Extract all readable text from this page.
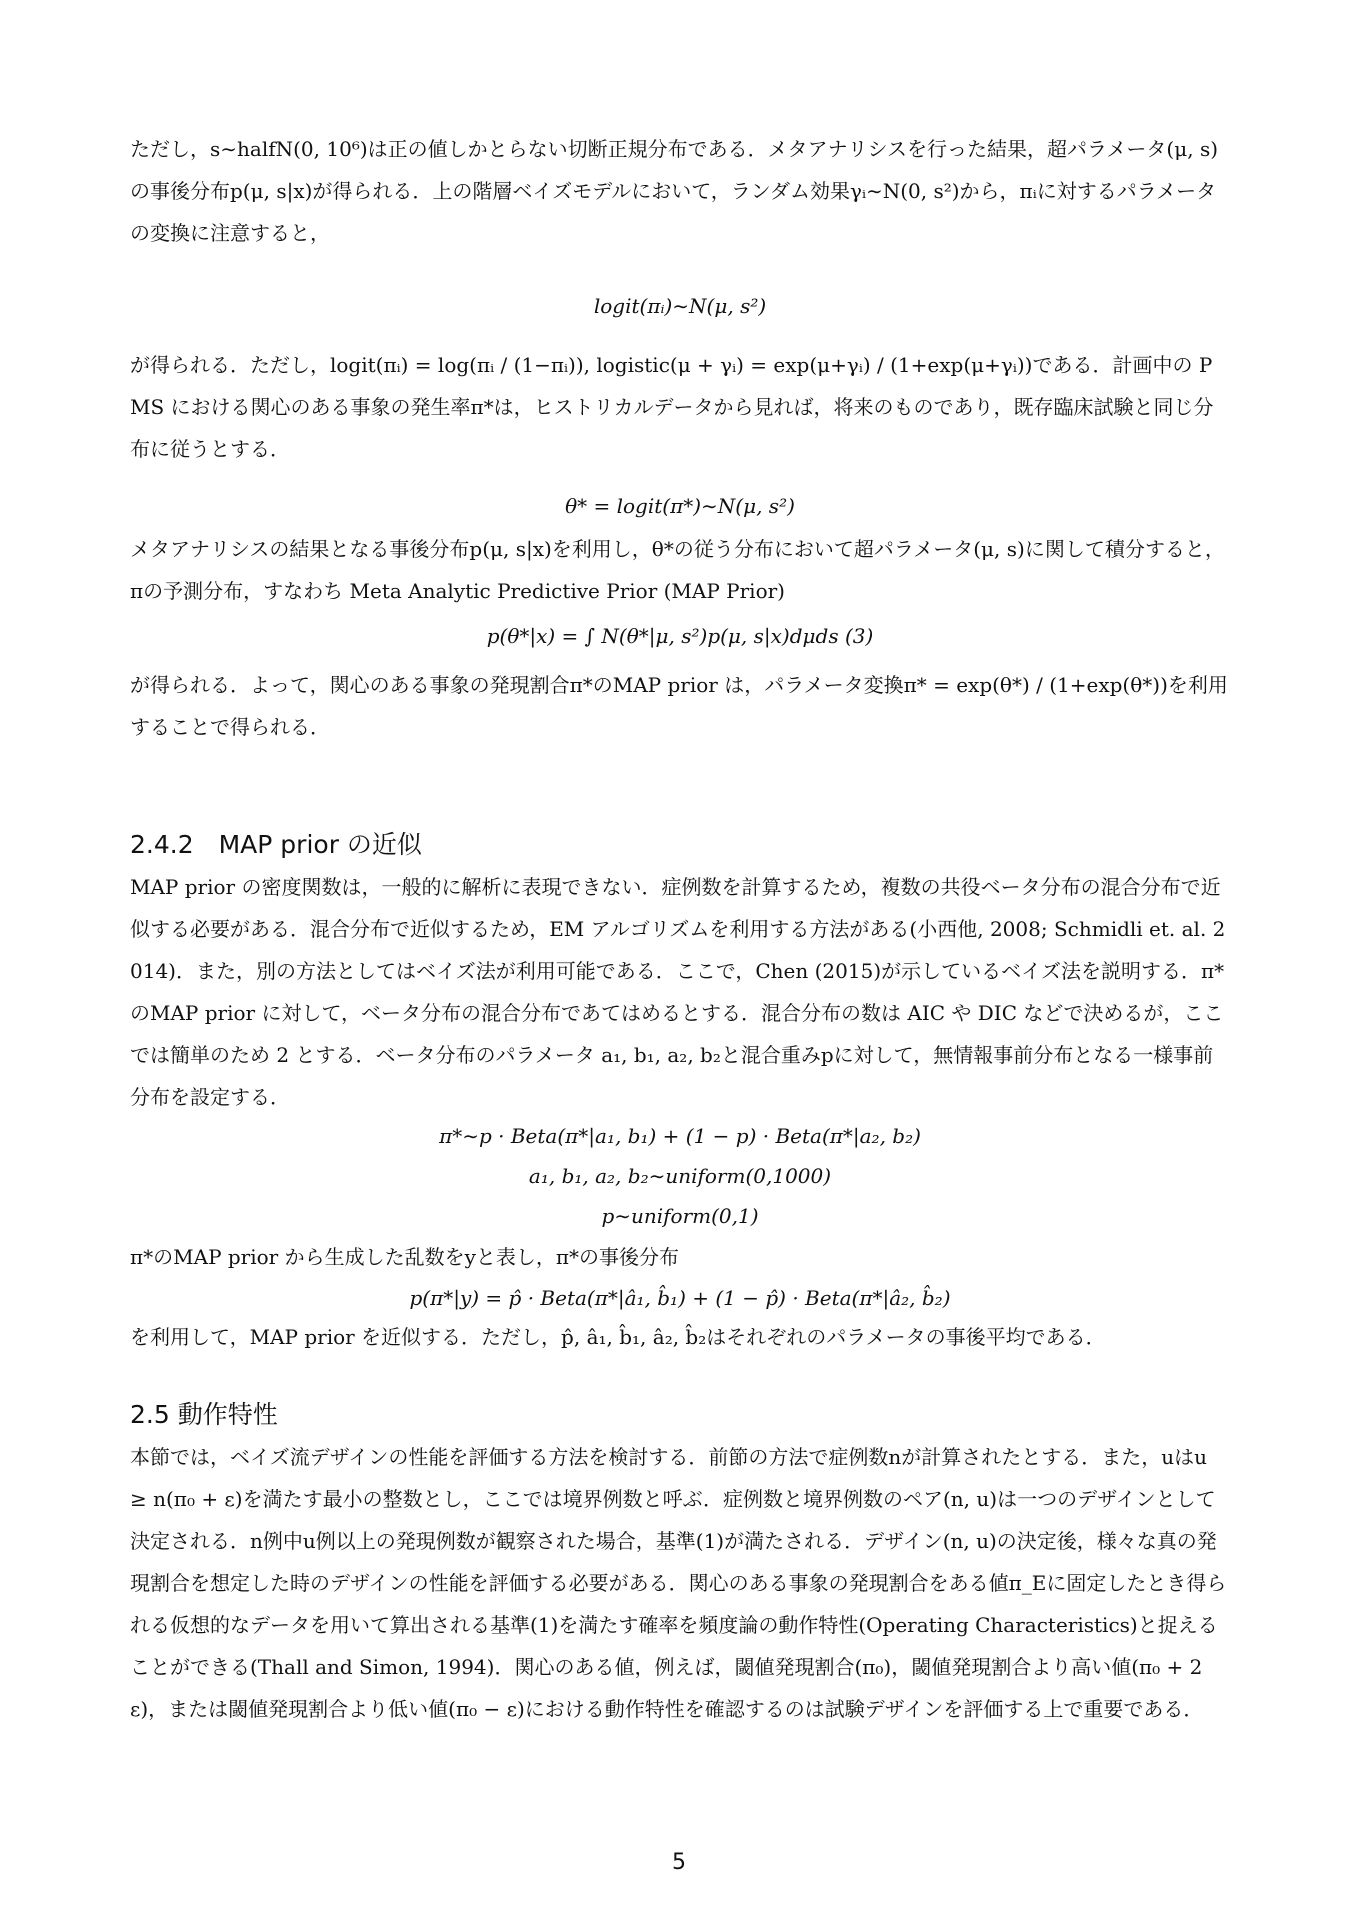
ただし，s∼halfN(0, 10⁶)は正の値しかとらない切断正規分布である．メタアナリシスを行った結果，超パラメータ(μ, s)の事後分布p(μ, s|x)が得られる．上の階層ベイズモデルにおいて，ランダム効果γᵢ∼N(0, s²)から，πᵢに対するパラメータの変換に注意すると，
logit(πᵢ)∼N(μ, s²)
が得られる．ただし，logit(πᵢ) = log(πᵢ / (1−πᵢ)), logistic(μ + γᵢ) = exp(μ+γᵢ) / (1+exp(μ+γᵢ))である．計画中の PMS における関心のある事象の発生率π*は，ヒストリカルデータから見れば，将来のものであり，既存臨床試験と同じ分布に従うとする．
θ* = logit(π*)∼N(μ, s²)
メタアナリシスの結果となる事後分布p(μ, s|x)を利用し，θ*の従う分布において超パラメータ(μ, s)に関して積分すると，πの予測分布，すなわち Meta Analytic Predictive Prior (MAP Prior)
p(θ*|x) = ∫ N(θ*|μ, s²)p(μ, s|x)dμds (3)
が得られる．よって，関心のある事象の発現割合π*のMAP prior は，パラメータ変換π* = exp(θ*) / (1+exp(θ*))を利用することで得られる．
2.4.2　MAP prior の近似
MAP prior の密度関数は，一般的に解析に表現できない．症例数を計算するため，複数の共役ベータ分布の混合分布で近似する必要がある．混合分布で近似するため，EM アルゴリズムを利用する方法がある(小西他, 2008; Schmidli et. al. 2014)．また，別の方法としてはベイズ法が利用可能である．ここで，Chen (2015)が示しているベイズ法を説明する．π*のMAP prior に対して，ベータ分布の混合分布であてはめるとする．混合分布の数は AIC や DIC などで決めるが，ここでは簡単のため 2 とする．ベータ分布のパラメータ a₁, b₁, a₂, b₂と混合重みpに対して，無情報事前分布となる一様事前分布を設定する．
π*∼p · Beta(π*|a₁, b₁) + (1 − p) · Beta(π*|a₂, b₂)
a₁, b₁, a₂, b₂∼uniform(0,1000)
p∼uniform(0,1)
π*のMAP prior から生成した乱数をyと表し，π*の事後分布
p(π*|y) = p̂ · Beta(π*|â₁, b̂₁) + (1 − p̂) · Beta(π*|â₂, b̂₂)
を利用して，MAP prior を近似する．ただし，p̂, â₁, b̂₁, â₂, b̂₂はそれぞれのパラメータの事後平均である．
2.5 動作特性
本節では，ベイズ流デザインの性能を評価する方法を検討する．前節の方法で症例数nが計算されたとする．また，uはu ≥ n(π₀ + ε)を満たす最小の整数とし，ここでは境界例数と呼ぶ．症例数と境界例数のペア(n, u)は一つのデザインとして決定される．n例中u例以上の発現例数が観察された場合，基準(1)が満たされる．デザイン(n, u)の決定後，様々な真の発現割合を想定した時のデザインの性能を評価する必要がある．関心のある事象の発現割合をある値π_Eに固定したとき得られる仮想的なデータを用いて算出される基準(1)を満たす確率を頻度論の動作特性(Operating Characteristics)と捉えることができる(Thall and Simon, 1994)．関心のある値，例えば，閾値発現割合(π₀)，閾値発現割合より高い値(π₀ + 2ε)，または閾値発現割合より低い値(π₀ − ε)における動作特性を確認するのは試験デザインを評価する上で重要である．
5
